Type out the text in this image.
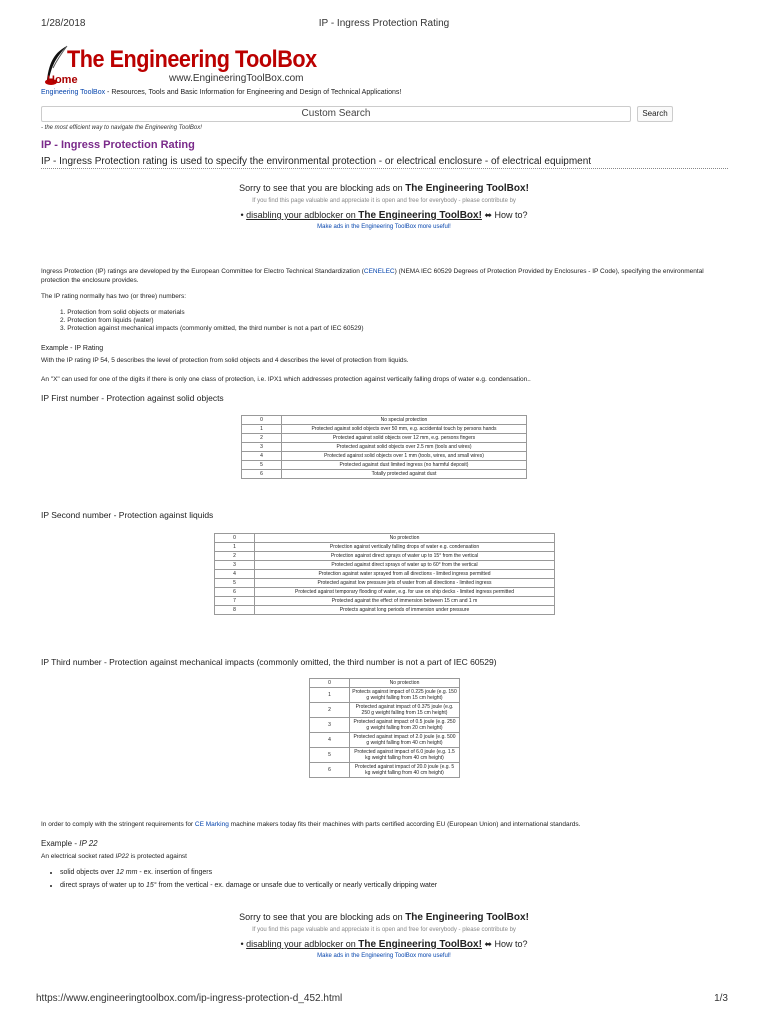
1/28/2018	IP - Ingress Protection Rating
The Engineering ToolBox
Home	www.EngineeringToolBox.com
Engineering ToolBox - Resources, Tools and Basic Information for Engineering and Design of Technical Applications!
Custom Search	Search
- the most efficient way to navigate the Engineering ToolBox!
IP - Ingress Protection Rating
IP - Ingress Protection rating is used to specify the environmental protection - or electrical enclosure - of electrical equipment
Sorry to see that you are blocking ads on The Engineering ToolBox!
If you find this page valuable and appreciate it is open and free for everybody - please contribute by
• disabling your adblocker on The Engineering ToolBox! ⬌ How to?
Make ads in the Engineering ToolBox more useful!
Ingress Protection (IP) ratings are developed by the European Committee for Electro Technical Standardization (CENELEC) (NEMA IEC 60529 Degrees of Protection Provided by Enclosures - IP Code), specifying the environmental protection the enclosure provides.
The IP rating normally has two (or three) numbers:
1. Protection from solid objects or materials
2. Protection from liquids (water)
3. Protection against mechanical impacts (commonly omitted, the third number is not a part of IEC 60529)
Example - IP Rating
With the IP rating IP 54, 5 describes the level of protection from solid objects and 4 describes the level of protection from liquids.
An "X" can used for one of the digits if there is only one class of protection, i.e. IPX1 which addresses protection against vertically falling drops of water e.g. condensation..
IP First number - Protection against solid objects
0	No special protection
1	Protected against solid objects over 50 mm, e.g. accidental touch by persons hands
2	Protected against solid objects over 12 mm, e.g. persons fingers
3	Protected against solid objects over 2.5 mm (tools and wires)
4	Protected against solid objects over 1 mm (tools, wires, and small wires)
5	Protected against dust limited ingress (no harmful deposit)
6	Totally protected against dust
IP Second number - Protection against liquids
0	No protection
1	Protection against vertically falling drops of water e.g. condensation
2	Protection against direct sprays of water up to 15° from the vertical
3	Protected against direct sprays of water up to 60° from the vertical
4	Protection against water sprayed from all directions - limited ingress permitted
5	Protected against low pressure jets of water from all directions - limited ingress
6	Protected against temporary flooding of water, e.g. for use on ship decks - limited ingress permitted
7	Protected against the effect of immersion between 15 cm and 1 m
8	Protects against long periods of immersion under pressure
IP Third number - Protection against mechanical impacts (commonly omitted, the third number is not a part of IEC 60529)
0	No protection
1	Protects against impact of 0.225 joule (e.g. 150 g weight falling from 15 cm height)
2	Protected against impact of 0.375 joule (e.g. 250 g weight falling from 15 cm height)
3	Protected against impact of 0.5 joule (e.g. 250 g weight falling from 20 cm height)
4	Protected against impact of 2.0 joule (e.g. 500 g weight falling from 40 cm height)
5	Protected against impact of 6.0 joule (e.g. 1.5 kg weight falling from 40 cm height)
6	Protected against impact of 20.0 joule (e.g. 5 kg weight falling from 40 cm height)
In order to comply with the stringent requirements for CE Marking machine makers today fits their machines with parts certified according EU (European Union) and international standards.
Example - IP 22
An electrical socket rated IP22 is protected against
• solid objects over 12 mm - ex. insertion of fingers
• direct sprays of water up to 15° from the vertical - ex. damage or unsafe due to vertically or nearly vertically dripping water
Sorry to see that you are blocking ads on The Engineering ToolBox!
If you find this page valuable and appreciate it is open and free for everybody - please contribute by
• disabling your adblocker on The Engineering ToolBox! ⬌ How to?
Make ads in the Engineering ToolBox more useful!
https://www.engineeringtoolbox.com/ip-ingress-protection-d_452.html	1/3
